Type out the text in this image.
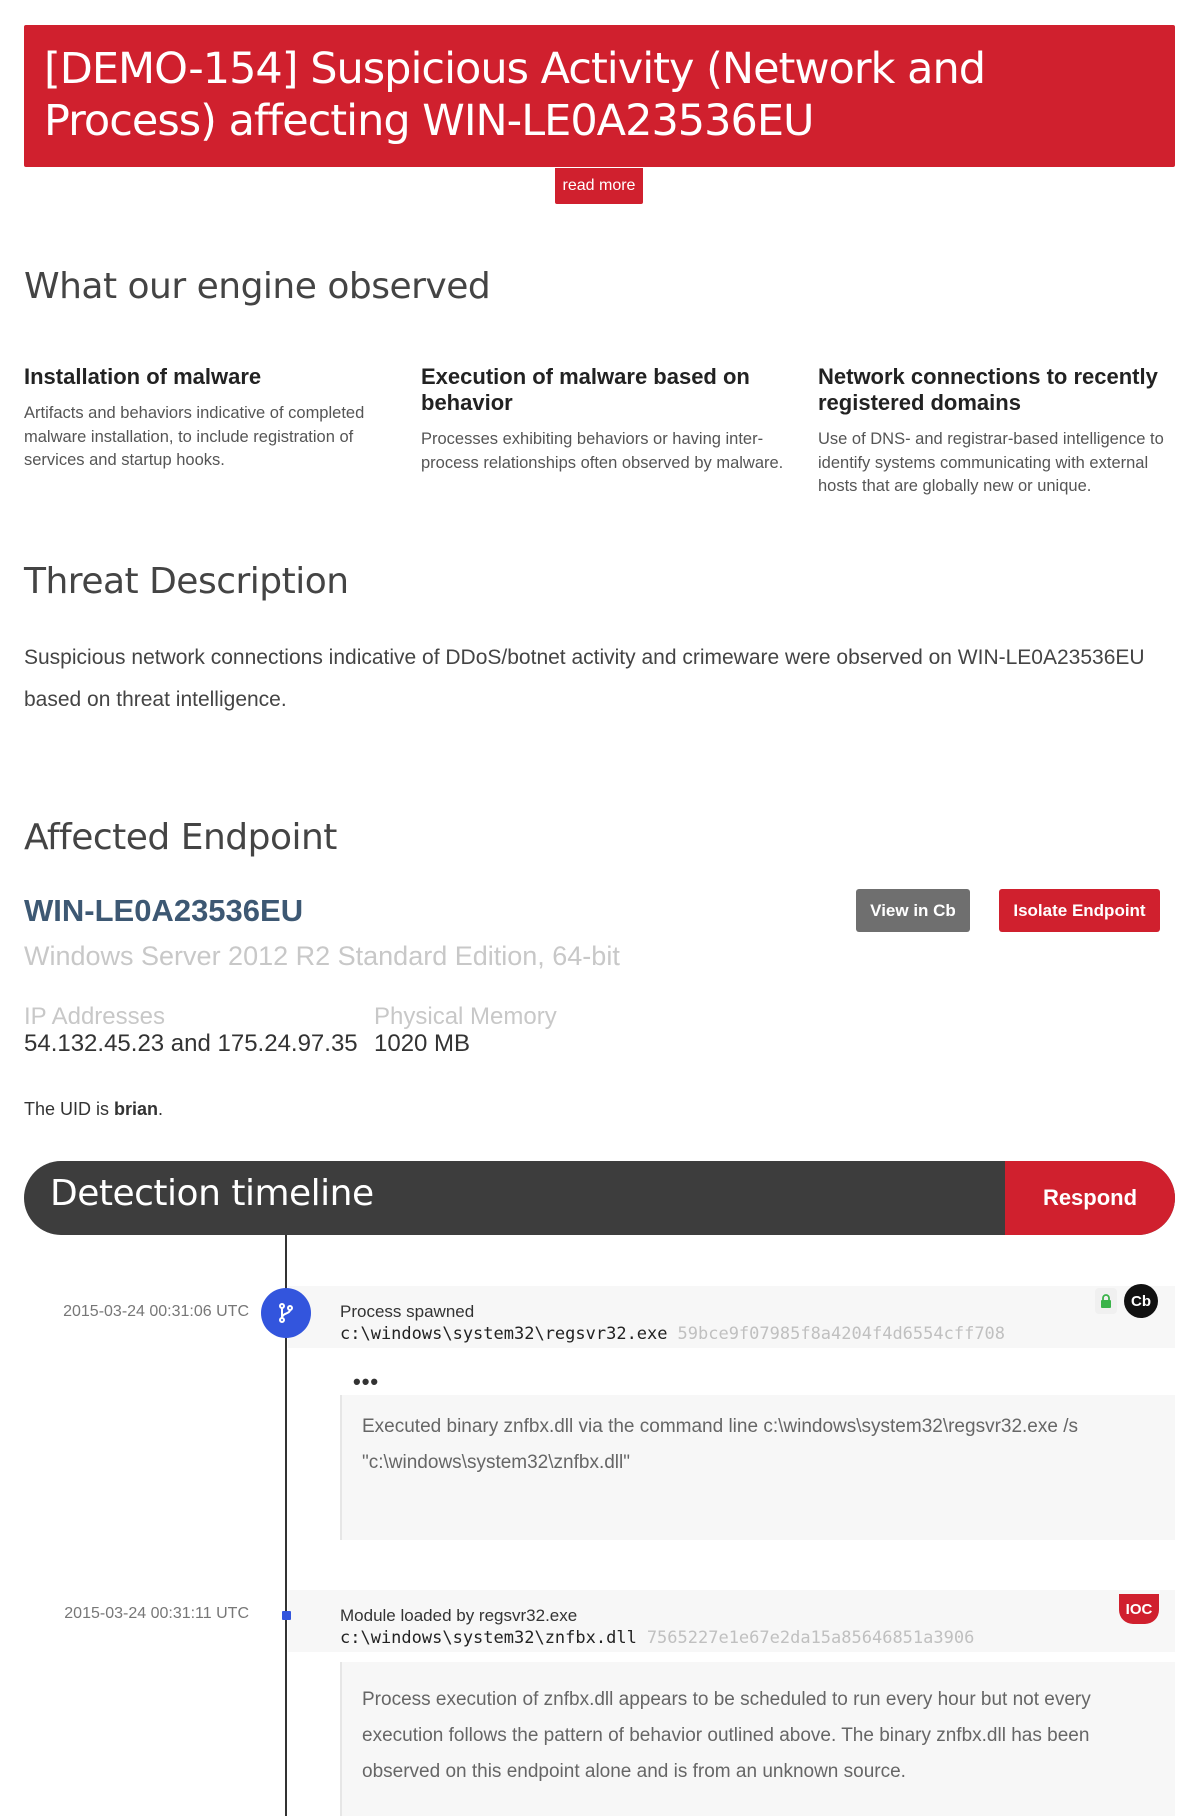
[DEMO-154] Suspicious Activity (Network and Process) affecting WIN-LE0A23536EU
read more
What our engine observed
Installation of malware
Artifacts and behaviors indicative of completed malware installation, to include registration of services and startup hooks.
Execution of malware based on behavior
Processes exhibiting behaviors or having inter-process relationships often observed by malware.
Network connections to recently registered domains
Use of DNS- and registrar-based intelligence to identify systems communicating with external hosts that are globally new or unique.
Threat Description

Suspicious network connections indicative of DDoS/botnet activity and crimeware were observed on WIN-LE0A23536EU based on threat intelligence.

Affected Endpoint
WIN-LE0A23536EU
Windows Server 2012 R2 Standard Edition, 64-bit
View in Cb	Isolate Endpoint
IP Addresses
54.132.45.23 and 175.24.97.35
Physical Memory
1020 MB
The UID is brian.
Detection timeline	Respond
2015-03-24 00:31:06 UTC	Process spawned
c:\windows\system32\regsvr32.exe 59bce9f07985f8a4204f4d6554cff708
Cb
•••
Executed binary znfbx.dll via the command line c:\windows\system32\regsvr32.exe /s "c:\windows\system32\znfbx.dll"
2015-03-24 00:31:11 UTC	Module loaded by regsvr32.exe
c:\windows\system32\znfbx.dll 7565227e1e67e2da15a85646851a3906
IOC
Process execution of znfbx.dll appears to be scheduled to run every hour but not every execution follows the pattern of behavior outlined above. The binary znfbx.dll has been observed on this endpoint alone and is from an unknown source.
